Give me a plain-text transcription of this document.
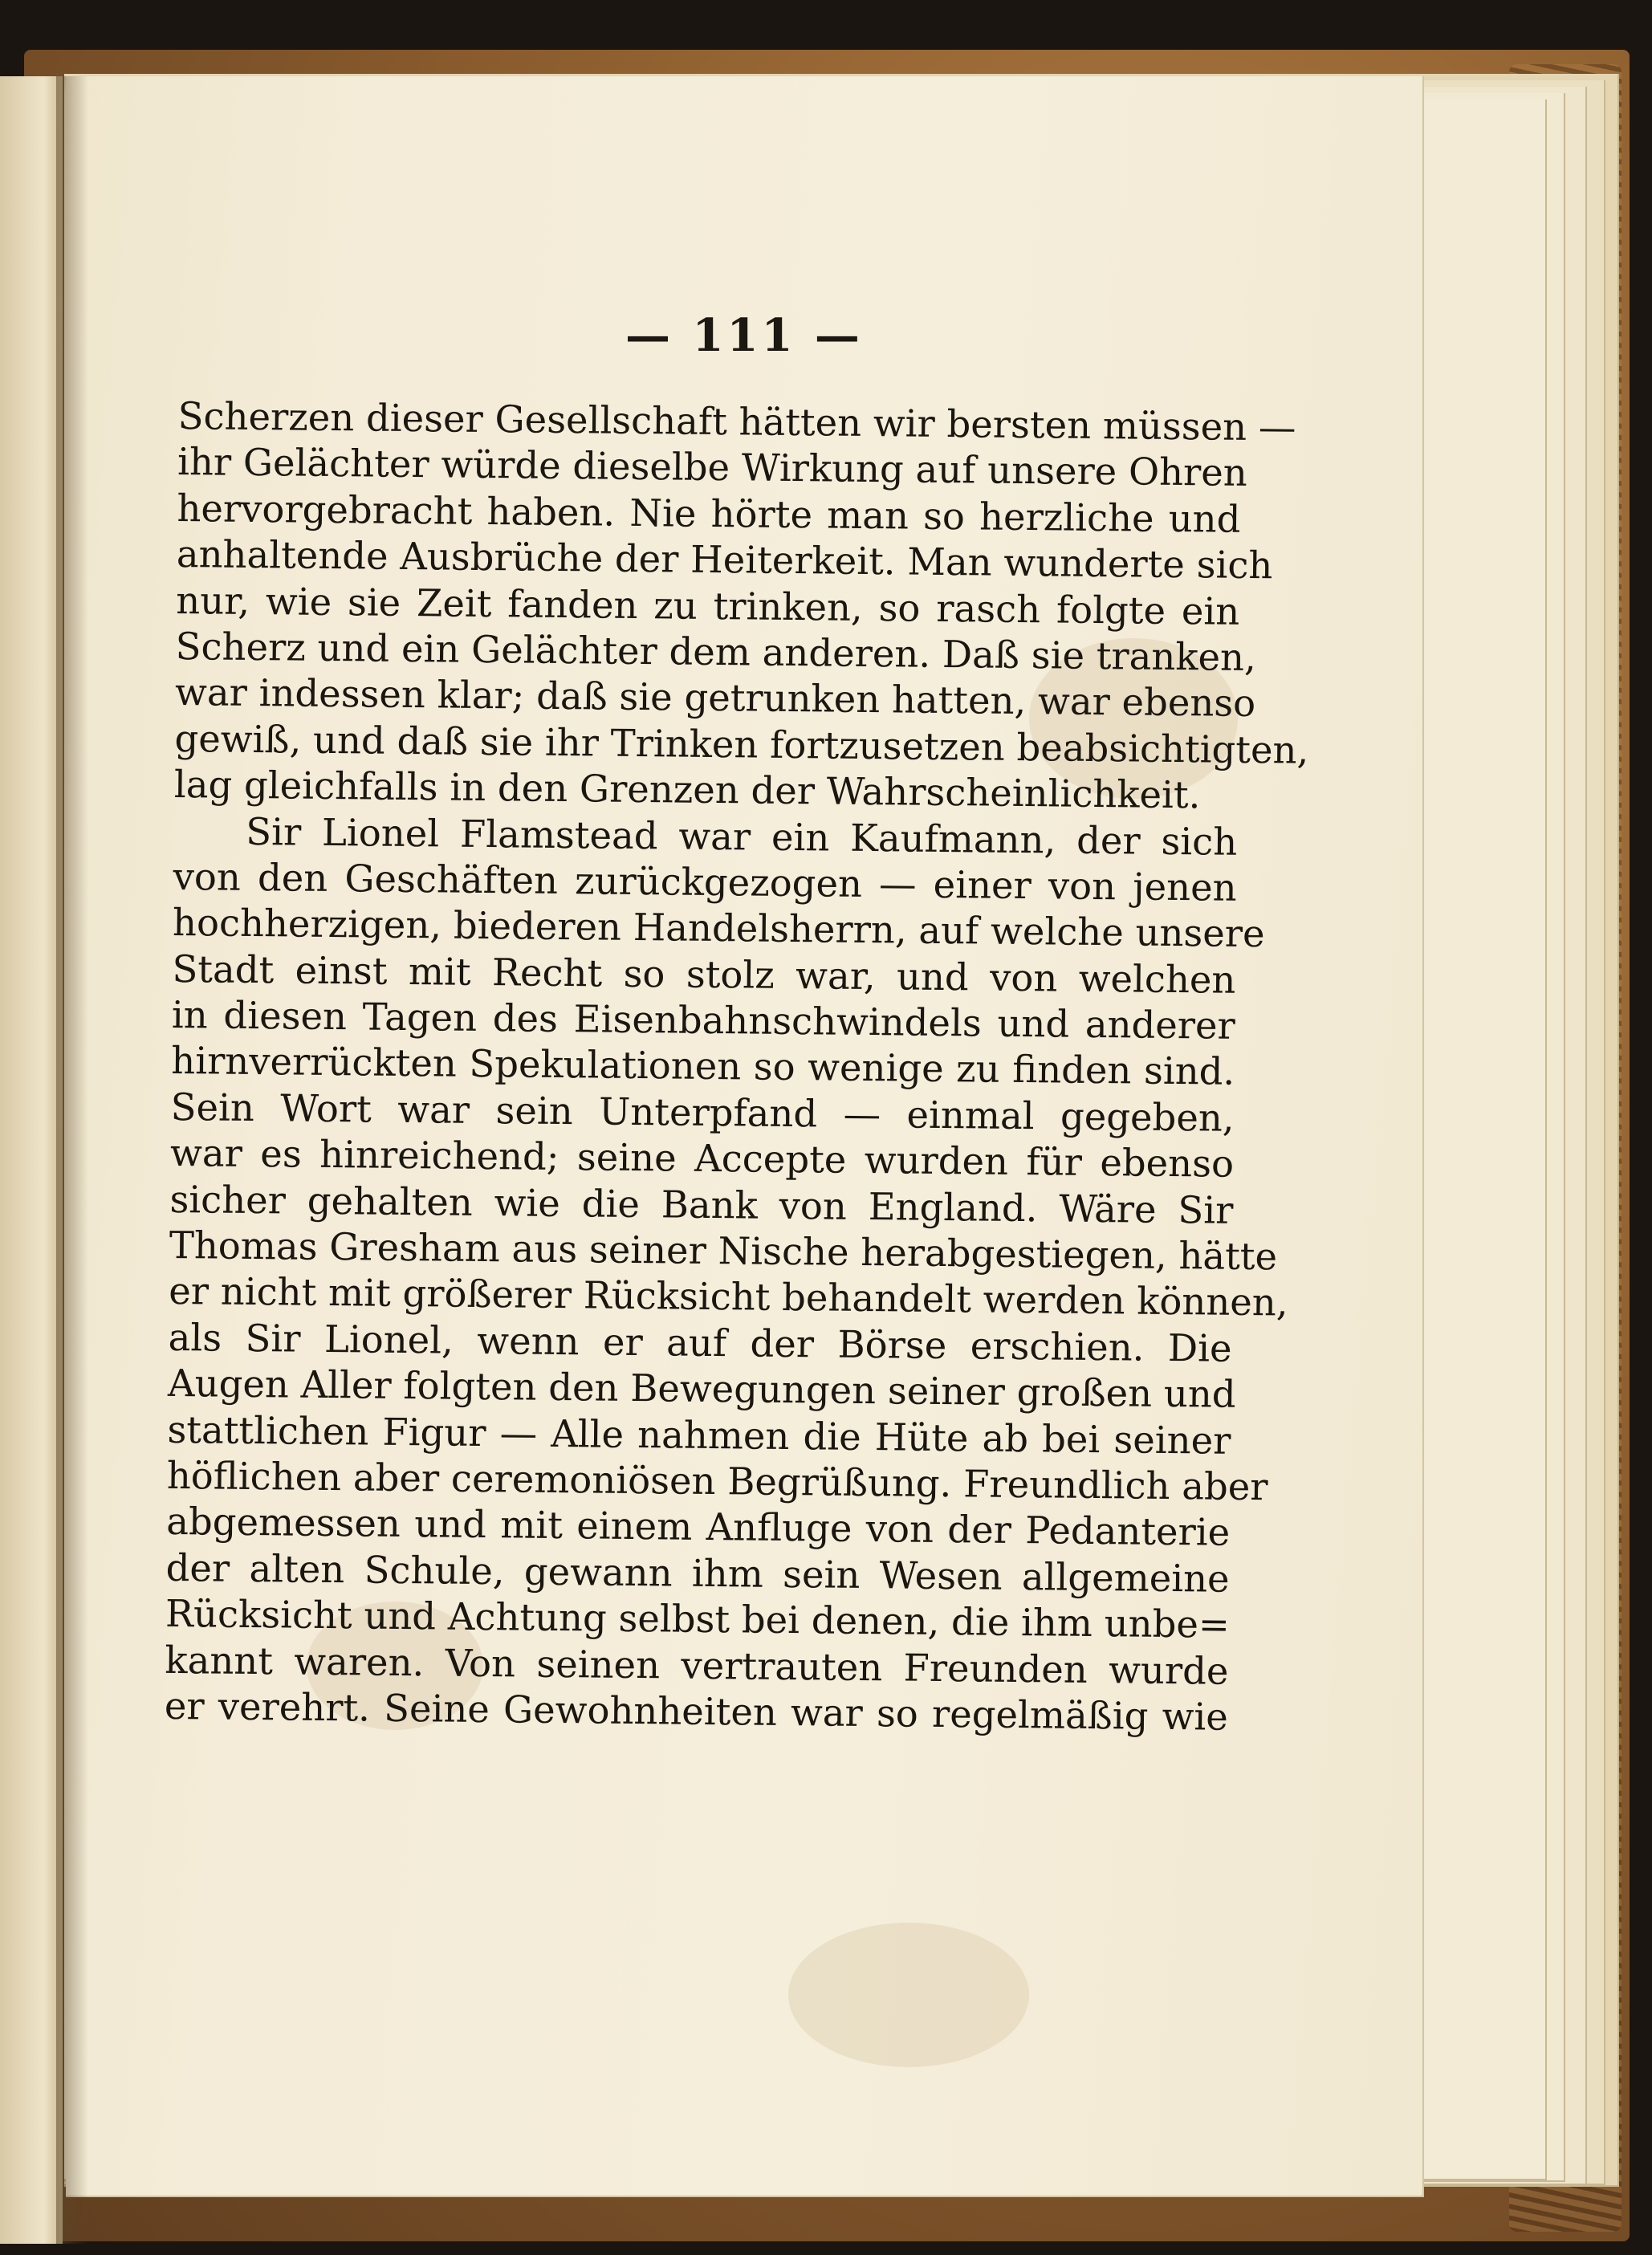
— 111 —
Scherzen dieser Gesellschaft hätten wir bersten müssen —
ihr Gelächter würde dieselbe Wirkung auf unsere Ohren
hervorgebracht haben. Nie hörte man so herzliche und
anhaltende Ausbrüche der Heiterkeit. Man wunderte sich
nur, wie sie Zeit fanden zu trinken, so rasch folgte ein
Scherz und ein Gelächter dem anderen. Daß sie tranken,
war indessen klar; daß sie getrunken hatten, war ebenso
gewiß, und daß sie ihr Trinken fortzusetzen beabsichtigten,
lag gleichfalls in den Grenzen der Wahrscheinlichkeit.
Sir Lionel Flamstead war ein Kaufmann, der sich
von den Geschäften zurückgezogen — einer von jenen
hochherzigen, biederen Handelsherrn, auf welche unsere
Stadt einst mit Recht so stolz war, und von welchen
in diesen Tagen des Eisenbahnschwindels und anderer
hirnverrückten Spekulationen so wenige zu finden sind.
Sein Wort war sein Unterpfand — einmal gegeben,
war es hinreichend; seine Accepte wurden für ebenso
sicher gehalten wie die Bank von England. Wäre Sir
Thomas Gresham aus seiner Nische herabgestiegen, hätte
er nicht mit größerer Rücksicht behandelt werden können,
als Sir Lionel, wenn er auf der Börse erschien. Die
Augen Aller folgten den Bewegungen seiner großen und
stattlichen Figur — Alle nahmen die Hüte ab bei seiner
höflichen aber ceremoniösen Begrüßung. Freundlich aber
abgemessen und mit einem Anfluge von der Pedanterie
der alten Schule, gewann ihm sein Wesen allgemeine
Rücksicht und Achtung selbst bei denen, die ihm unbe=
kannt waren. Von seinen vertrauten Freunden wurde
er verehrt. Seine Gewohnheiten war so regelmäßig wie
